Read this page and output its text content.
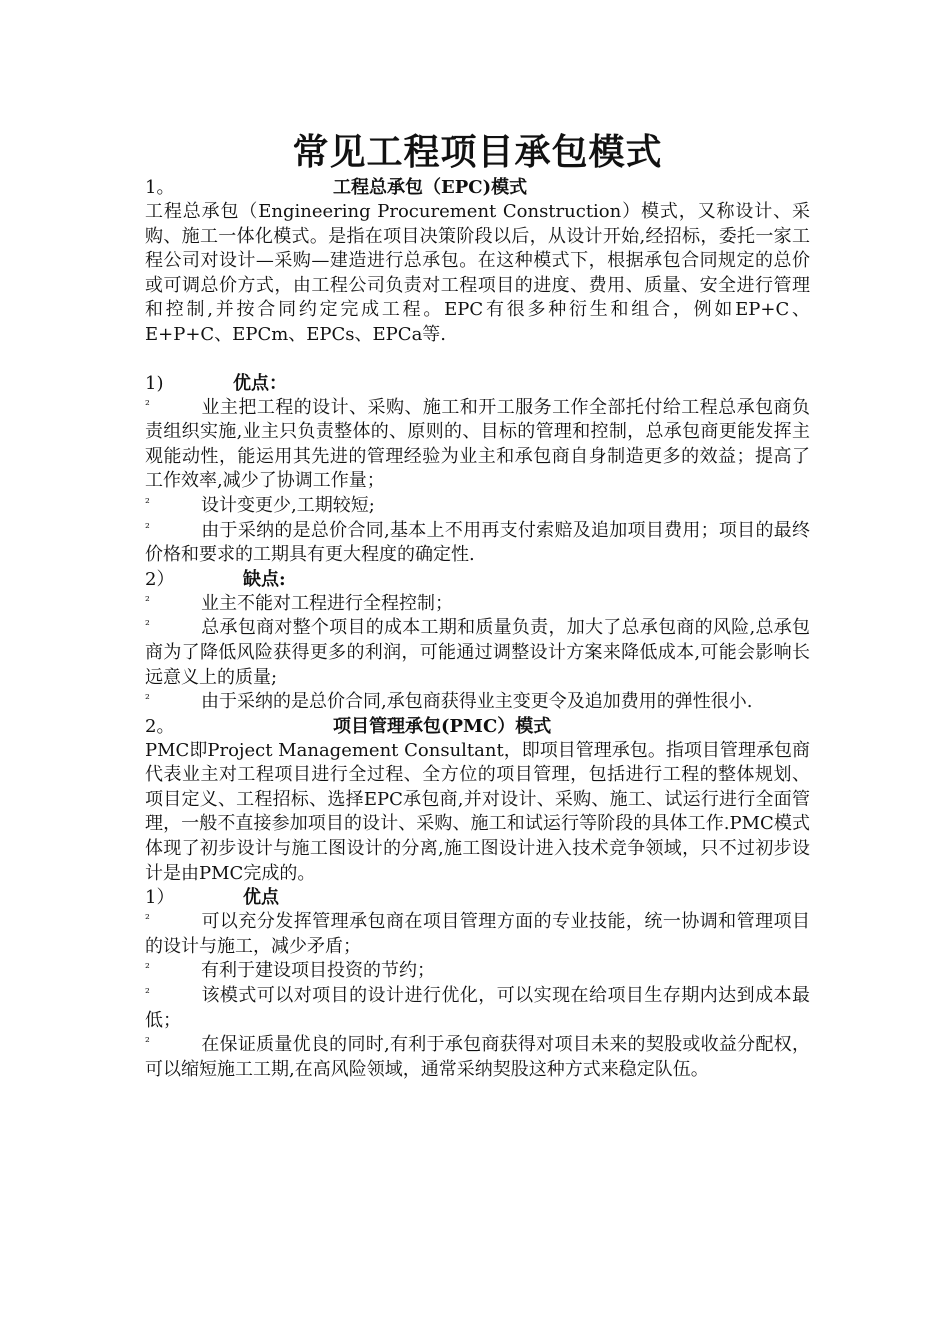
常见工程项目承包模式
1。	工程总承包（EPC)模式

工程总承包（Engineering Procurement Construction）模式，又称设计、采购、施工一体化模式。是指在项目决策阶段以后，从设计开始,经招标，委托一家工程公司对设计—采购—建造进行总承包。在这种模式下，根据承包合同规定的总价或可调总价方式，由工程公司负责对工程项目的进度、费用、质量、安全进行管理和控制,并按合同约定完成工程。EPC有很多种衍生和组合，例如EP+C、E+P+C、EPCm、EPCs、EPCa等.

1)	优点：

²	业主把工程的设计、采购、施工和开工服务工作全部托付给工程总承包商负责组织实施,业主只负责整体的、原则的、目标的管理和控制，总承包商更能发挥主观能动性，能运用其先进的管理经验为业主和承包商自身制造更多的效益；提高了工作效率,减少了协调工作量；

²	设计变更少,工期较短;

²	由于采纳的是总价合同,基本上不用再支付索赔及追加项目费用；项目的最终价格和要求的工期具有更大程度的确定性.

2）	缺点:

²	业主不能对工程进行全程控制；

²	总承包商对整个项目的成本工期和质量负责，加大了总承包商的风险,总承包商为了降低风险获得更多的利润，可能通过调整设计方案来降低成本,可能会影响长远意义上的质量;

²	由于采纳的是总价合同,承包商获得业主变更令及追加费用的弹性很小.

2。	项目管理承包(PMC）模式

PMC即Project Management Consultant，即项目管理承包。指项目管理承包商代表业主对工程项目进行全过程、全方位的项目管理，包括进行工程的整体规划、项目定义、工程招标、选择EPC承包商,并对设计、采购、施工、试运行进行全面管理，一般不直接参加项目的设计、采购、施工和试运行等阶段的具体工作.PMC模式体现了初步设计与施工图设计的分离,施工图设计进入技术竞争领域，只不过初步设计是由PMC完成的。

1）	优点

²	可以充分发挥管理承包商在项目管理方面的专业技能，统一协调和管理项目的设计与施工，减少矛盾；

²	有利于建设项目投资的节约；

²	该模式可以对项目的设计进行优化，可以实现在给项目生存期内达到成本最低；

²	在保证质量优良的同时,有利于承包商获得对项目未来的契股或收益分配权，可以缩短施工工期,在高风险领域，通常采纳契股这种方式来稳定队伍。
